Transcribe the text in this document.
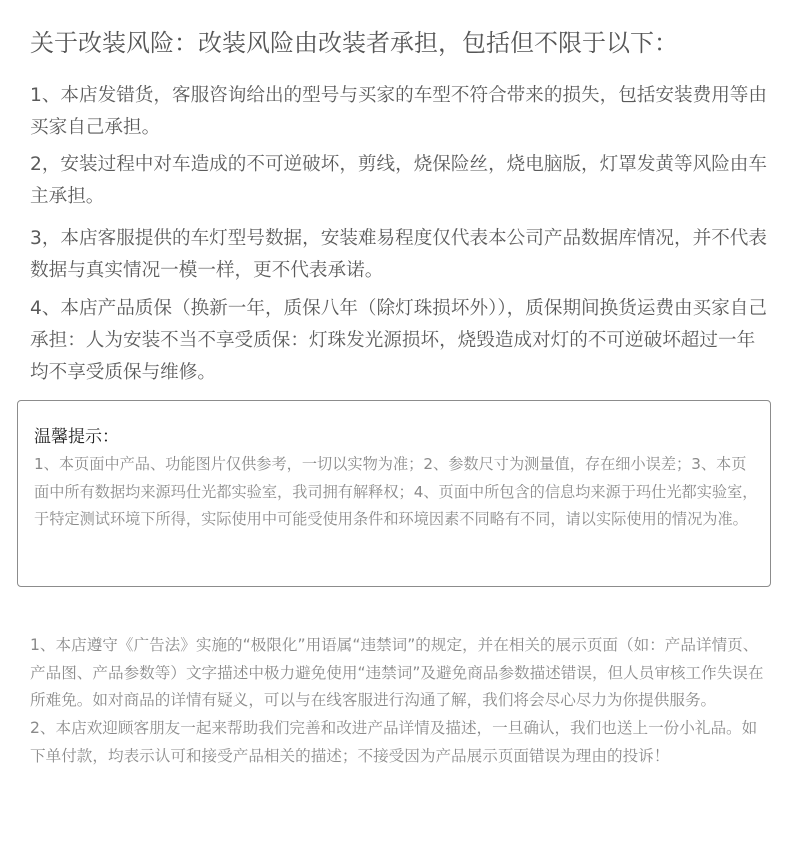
关于改装风险：改装风险由改装者承担，包括但不限于以下：
1、本店发错货，客服咨询给出的型号与买家的车型不符合带来的损失，包括安装费用等由买家自己承担。
2，安装过程中对车造成的不可逆破坏，剪线，烧保险丝，烧电脑版，灯罩发黄等风险由车主承担。
3，本店客服提供的车灯型号数据，安装难易程度仅代表本公司产品数据库情况，并不代表数据与真实情况一模一样，更不代表承诺。
4、本店产品质保（换新一年，质保八年（除灯珠损坏外）），质保期间换货运费由买家自己承担：人为安装不当不享受质保：灯珠发光源损坏，烧毁造成对灯的不可逆破坏超过一年均不享受质保与维修。
温馨提示：
1、本页面中产品、功能图片仅供参考，一切以实物为准；2、参数尺寸为测量值，存在细小误差；3、本页面中所有数据均来源玛仕光都实验室，我司拥有解释权；4、页面中所包含的信息均来源于玛仕光都实验室，于特定测试环境下所得，实际使用中可能受使用条件和环境因素不同略有不同，请以实际使用的情况为准。

1、本店遵守《广告法》实施的“极限化”用语属“违禁词”的规定，并在相关的展示页面（如：产品详情页、产品图、产品参数等）文字描述中极力避免使用“违禁词”及避免商品参数描述错误，但人员审核工作失误在所难免。如对商品的详情有疑义，可以与在线客服进行沟通了解，我们将会尽心尽力为你提供服务。

2、本店欢迎顾客朋友一起来帮助我们完善和改进产品详情及描述，一旦确认，我们也送上一份小礼品。如下单付款，均表示认可和接受产品相关的描述；不接受因为产品展示页面错误为理由的投诉！
